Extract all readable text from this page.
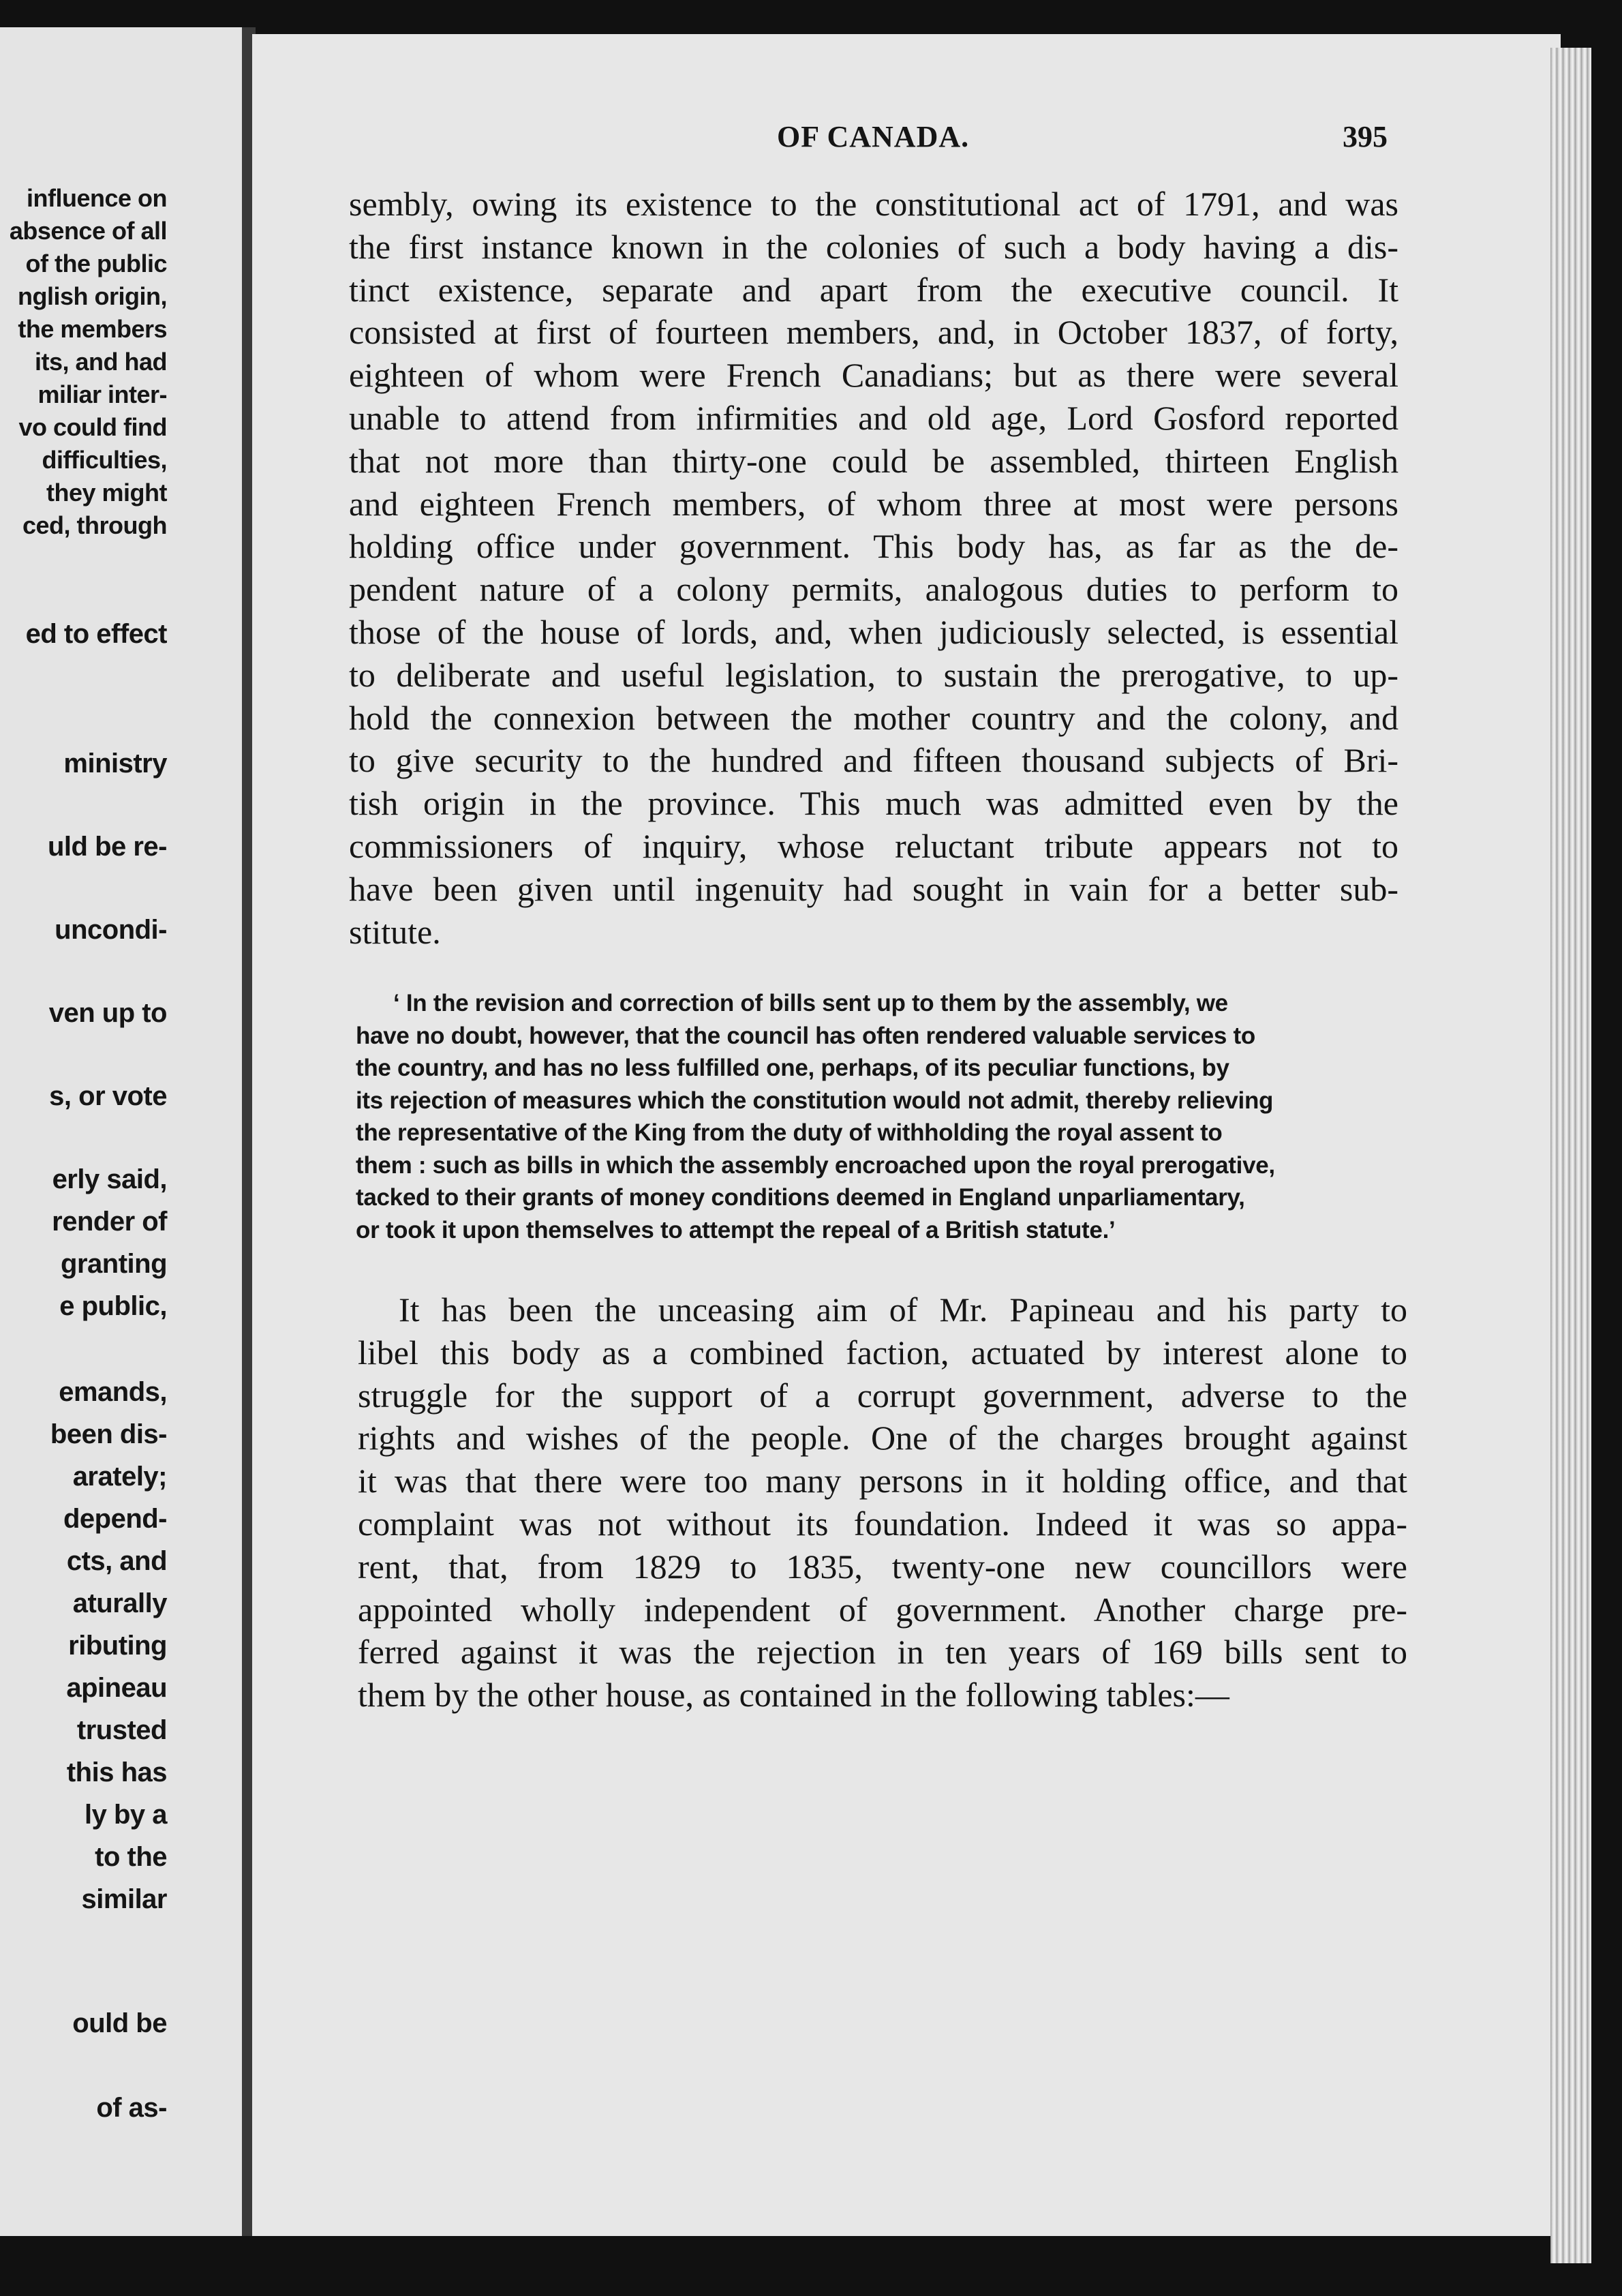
influence on

absence of all

of the public

nglish origin,

the members

its, and had

miliar inter-

vo could find

difficulties,

they might

ced, through

ed to effect

ministry

uld be re-

uncondi-

ven up to

s, or vote

erly said,

render of

granting

e public,

emands,

been dis-

arately;

depend-

cts, and

aturally

ributing

apineau

trusted

this has

ly by a

to the

similar

ould be

of as-

OF CANADA.	395
sembly, owing its existence to the constitutional act of 1791, and was
the first instance known in the colonies of such a body having a dis-
tinct existence, separate and apart from the executive council. It
consisted at first of fourteen members, and, in October 1837, of forty,
eighteen of whom were French Canadians; but as there were several
unable to attend from infirmities and old age, Lord Gosford reported
that not more than thirty-one could be assembled, thirteen English
and eighteen French members, of whom three at most were persons
holding office under government. This body has, as far as the de-
pendent nature of a colony permits, analogous duties to perform to
those of the house of lords, and, when judiciously selected, is essential
to deliberate and useful legislation, to sustain the prerogative, to up-
hold the connexion between the mother country and the colony, and
to give security to the hundred and fifteen thousand subjects of Bri-
tish origin in the province. This much was admitted even by the
commissioners of inquiry, whose reluctant tribute appears not to
have been given until ingenuity had sought in vain for a better sub-
stitute.
‘ In the revision and correction of bills sent up to them by the assembly, we
have no doubt, however, that the council has often rendered valuable services to
the country, and has no less fulfilled one, perhaps, of its peculiar functions, by
its rejection of measures which the constitution would not admit, thereby relieving
the representative of the King from the duty of withholding the royal assent to
them : such as bills in which the assembly encroached upon the royal prerogative,
tacked to their grants of money conditions deemed in England unparliamentary,
or took it upon themselves to attempt the repeal of a British statute.’
It has been the unceasing aim of Mr. Papineau and his party to
libel this body as a combined faction, actuated by interest alone to
struggle for the support of a corrupt government, adverse to the
rights and wishes of the people. One of the charges brought against
it was that there were too many persons in it holding office, and that
complaint was not without its foundation. Indeed it was so appa-
rent, that, from 1829 to 1835, twenty-one new councillors were
appointed wholly independent of government. Another charge pre-
ferred against it was the rejection in ten years of 169 bills sent to
them by the other house, as contained in the following tables:—
